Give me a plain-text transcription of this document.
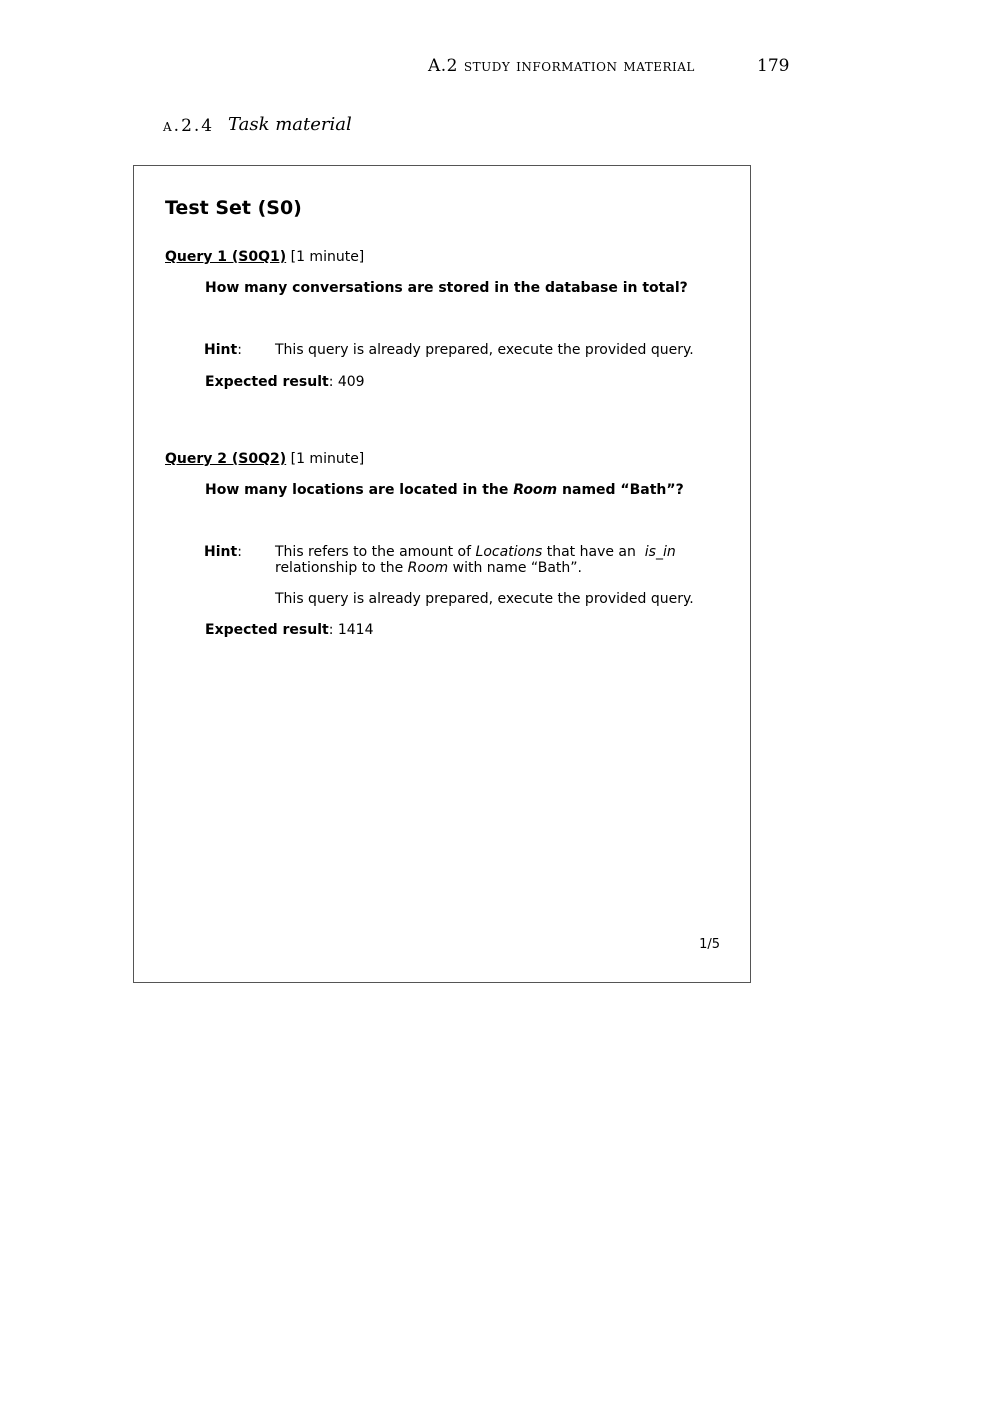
A.2 study information material	179
a.2.4 Task material
Test Set (S0)
Query 1 (S0Q1) [1 minute]
How many conversations are stored in the database in total?
Hint: This query is already prepared, execute the provided query.
Expected result: 409
Query 2 (S0Q2) [1 minute]
How many locations are located in the Room named “Bath”?
Hint: This refers to the amount of Locations that have an  is_in
relationship to the Room with name “Bath”.
This query is already prepared, execute the provided query.
Expected result: 1414
1/5
